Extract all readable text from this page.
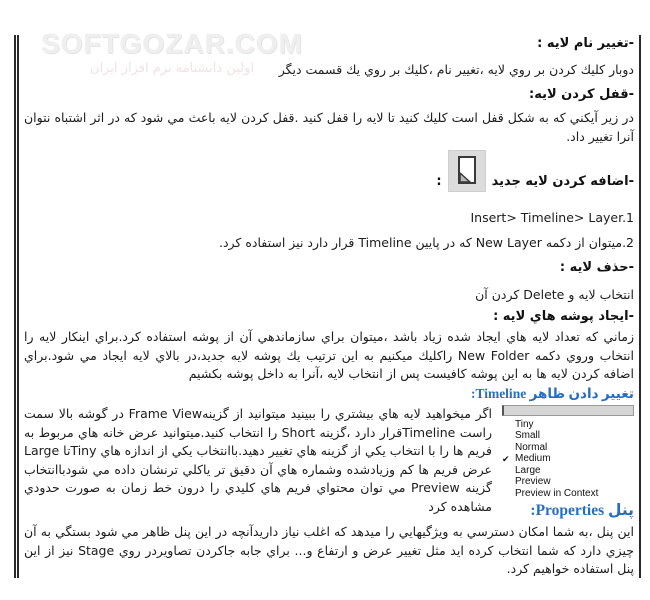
SOFTGOZAR.COM
اولین دانشنامه نرم افزار ایران
-تغيير نام لايه :
دوبار كليك كردن بر روي لايه ،تغيير نام ،كليك بر روي يك قسمت ديگر
-قفل كردن لايه:
در زير آيكني كه به شكل قفل است كليك كنيد تا لايه را قفل كنيد .قفل كردن لايه باعث مي شود كه در اثر اشتباه نتوان آنرا تغيير داد.
-اضافه كردن لايه جديد
:
Insert> Timeline> Layer.1
2.ميتوان از دكمه New Layer كه در پايين Timeline قرار دارد نيز استفاده كرد.
-حذف لايه :
انتخاب لايه و Delete كردن آن
-ايجاد پوشه هاي لايه :
زماني كه تعداد لايه هاي ايجاد شده زياد باشد ،ميتوان براي سازماندهي آن از پوشه استفاده كرد.براي اينكار لايه را انتخاب وروي دكمه New Folder راكليك ميكنيم به اين ترتيب يك پوشه لايه جديد،در بالاي لايه ايجاد مي شود.براي اضافه كردن لايه ها به اين پوشه كافيست پس از انتخاب لايه ،آنرا به داخل پوشه بكشيم
تغيير دادن ظاهر Timeline:
Tiny
Small
Normal
✔ Medium
Large
Preview
Preview in Context
اگر ميخواهيد لايه هاي بيشتري را ببينيد ميتوانيد از گزينهFrame View در گوشه بالا سمت راست Timelineقرار دارد ،گزينه Short را انتخاب كنيد.ميتوانيد عرض خانه هاي مربوط به فريم ها را با انتخاب يكي از گزينه هاي تغيير دهيد.باانتخاب يكي از اندازه هاي Tinyتا Large عرض فريم ها كم وزيادشده وشماره هاي آن دقيق تر ياكلي ترنشان داده مي شودباانتخاب گزينه Preview مي توان محتواي فريم هاي كليدي را درون خط زمان به صورت حدودي مشاهده كرد	پنل Properties:
اين پنل ،به شما امكان دسترسي به ويژگيهايي را ميدهد كه اغلب نياز داريدآنچه در اين پنل ظاهر مي شود بستگي به آن چيزي دارد كه شما انتخاب كرده ايد مثل تغيير عرض و ارتفاع و... براي جابه جاكردن تصاويردر روي Stage نيز از اين پنل استفاده خواهيم كرد.
